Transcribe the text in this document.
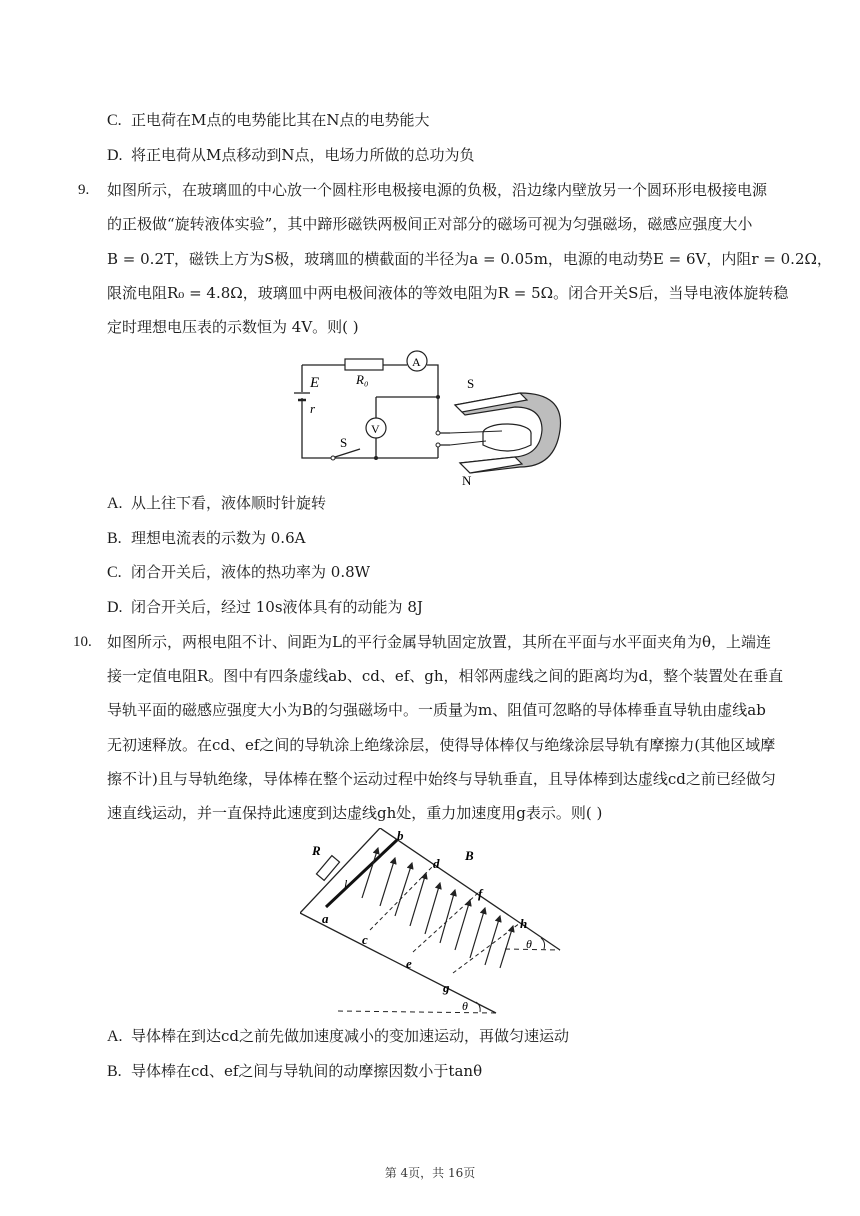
C. 正电荷在M点的电势能比其在N点的电势能大
D. 将正电荷从M点移动到N点，电场力所做的总功为负
9. 如图所示，在玻璃皿的中心放一个圆柱形电极接电源的负极，沿边缘内壁放另一个圆环形电极接电源
的正极做“旋转液体实验”，其中蹄形磁铁两极间正对部分的磁场可视为匀强磁场，磁感应强度大小
B = 0.2T，磁铁上方为S极，玻璃皿的横截面的半径为a = 0.05m，电源的电动势E = 6V，内阻r = 0.2Ω，
限流电阻R₀ = 4.8Ω，玻璃皿中两电极间液体的等效电阻为R = 5Ω。闭合开关S后，当导电液体旋转稳
定时理想电压表的示数恒为 4V。则( )
E
r
R₀
A
V
S
S
N
A. 从上往下看，液体顺时针旋转
B. 理想电流表的示数为 0.6A
C. 闭合开关后，液体的热功率为 0.8W
D. 闭合开关后，经过 10s液体具有的动能为 8J
10. 如图所示，两根电阻不计、间距为L的平行金属导轨固定放置，其所在平面与水平面夹角为θ，上端连
接一定值电阻R。图中有四条虚线ab、cd、ef、gh，相邻两虚线之间的距离均为d，整个装置处在垂直
导轨平面的磁感应强度大小为B的匀强磁场中。一质量为m、阻值可忽略的导体棒垂直导轨由虚线ab
无初速释放。在cd、ef之间的导轨涂上绝缘涂层，使得导体棒仅与绝缘涂层导轨有摩擦力(其他区域摩
擦不计)且与导轨绝缘，导体棒在整个运动过程中始终与导轨垂直，且导体棒到达虚线cd之前已经做匀
速直线运动，并一直保持此速度到达虚线gh处，重力加速度用g表示。则( )
R
l
a
b
c
d
e
f
g
h
B
θ
θ
A. 导体棒在到达cd之前先做加速度减小的变加速运动，再做匀速运动
B. 导体棒在cd、ef之间与导轨间的动摩擦因数小于tanθ
第 4页，共 16页
